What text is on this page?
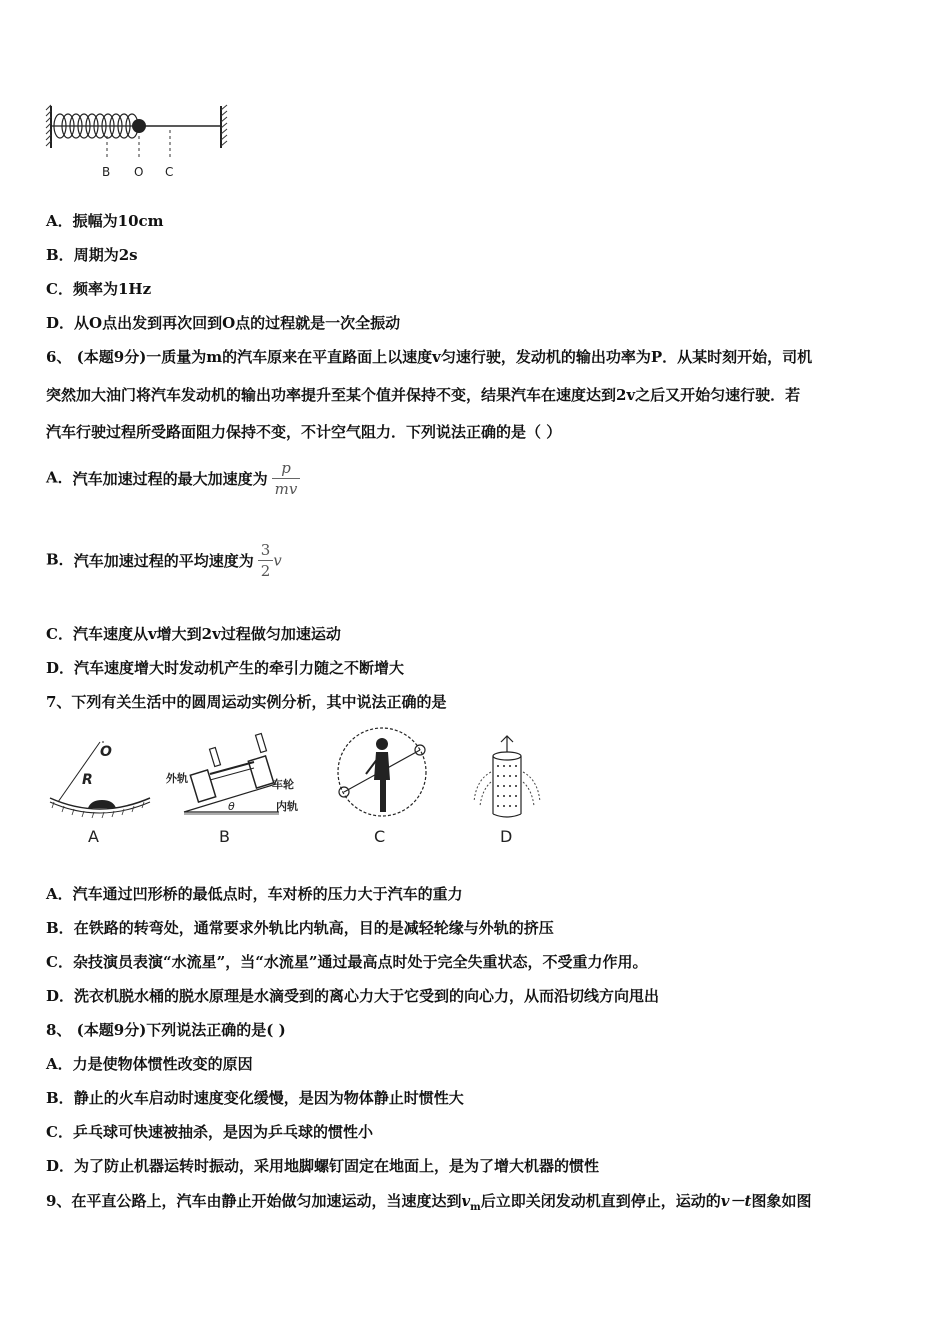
B O C
A．振幅为10cm
B．周期为2s
C．频率为1Hz
D．从O点出发到再次回到O点的过程就是一次全振动
6、 (本题9分)一质量为m的汽车原来在平直路面上以速度v匀速行驶，发动机的输出功率为P．从某时刻开始，司机
突然加大油门将汽车发动机的输出功率提升至某个值并保持不变，结果汽车在速度达到2v之后又开始匀速行驶．若
汽车行驶过程所受路面阻力保持不变，不计空气阻力．下列说法正确的是（ ）
A．汽车加速过程的最大加速度为 $\frac{p}{mv}$
B．汽车加速过程的平均速度为 $\frac{3}{2}$ v
C．汽车速度从v增大到2v过程做匀加速运动
D．汽车速度增大时发动机产生的牵引力随之不断增大
7、下列有关生活中的圆周运动实例分析，其中说法正确的是
O
R
A
外轨	车轮
内轨
θ
B	C	D
A．汽车通过凹形桥的最低点时，车对桥的压力大于汽车的重力
B．在铁路的转弯处，通常要求外轨比内轨高，目的是减轻轮缘与外轨的挤压
C．杂技演员表演“水流星”，当“水流星”通过最高点时处于完全失重状态，不受重力作用。
D．洗衣机脱水桶的脱水原理是水滴受到的离心力大于它受到的向心力，从而沿切线方向甩出
8、 (本题9分)下列说法正确的是( )
A．力是使物体惯性改变的原因
B．静止的火车启动时速度变化缓慢，是因为物体静止时惯性大
C．乒乓球可快速被抽杀，是因为乒乓球的惯性小
D．为了防止机器运转时振动，采用地脚螺钉固定在地面上，是为了增大机器的惯性
9、在平直公路上，汽车由静止开始做匀加速运动，当速度达到$v_m$后立即关闭发动机直到停止，运动的v－t图象如图
